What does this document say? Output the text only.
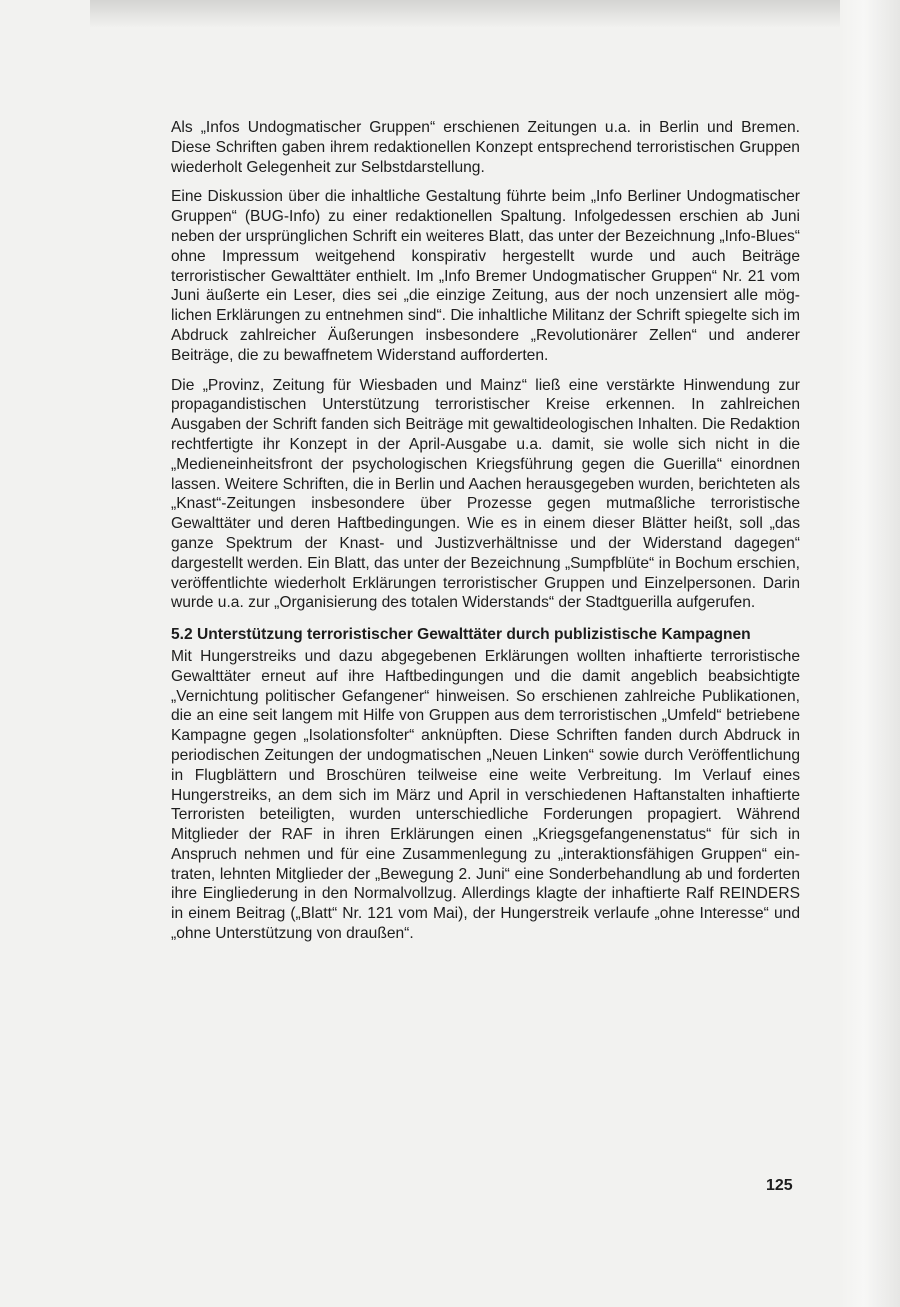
Als „Infos Undogmatischer Gruppen“ erschienen Zeitungen u.a. in Berlin und Bremen. Diese Schriften gaben ihrem redaktionellen Konzept entsprechend terroristischen Gruppen wiederholt Gelegenheit zur Selbstdarstellung.

Eine Diskussion über die inhaltliche Gestaltung führte beim „Info Berliner Undogmatischer Gruppen“ (BUG-Info) zu einer redaktionellen Spaltung. Infolgedessen erschien ab Juni neben der ursprünglichen Schrift ein weiteres Blatt, das unter der Bezeichnung „Info-Blues“ ohne Impressum weitgehend konspirativ hergestellt wurde und auch Beiträge terroristischer Gewalttäter enthielt. Im „Info Bremer Undogmatischer Gruppen“ Nr. 21 vom Juni äußerte ein Leser, dies sei „die einzige Zeitung, aus der noch unzensiert alle möglichen Erklärungen zu entnehmen sind“. Die inhaltliche Militanz der Schrift spiegelte sich im Abdruck zahlreicher Äußerungen insbesondere „Revolutionärer Zellen“ und anderer Beiträge, die zu bewaffnetem Widerstand aufforderten.

Die „Provinz, Zeitung für Wiesbaden und Mainz“ ließ eine verstärkte Hinwendung zur propagandistischen Unterstützung terroristischer Kreise erkennen. In zahlreichen Ausgaben der Schrift fanden sich Beiträge mit gewaltideologischen Inhalten. Die Redaktion rechtfertigte ihr Konzept in der April-Ausgabe u.a. damit, sie wolle sich nicht in die „Medieneinheitsfront der psychologischen Kriegsführung gegen die Guerilla“ einordnen lassen. Weitere Schriften, die in Berlin und Aachen herausgegeben wurden, berichteten als „Knast“-Zeitungen insbesondere über Prozesse gegen mutmaßliche terroristische Gewalttäter und deren Haftbedingungen. Wie es in einem dieser Blätter heißt, soll „das ganze Spektrum der Knast- und Justizverhältnisse und der Widerstand dagegen“ dargestellt werden. Ein Blatt, das unter der Bezeichnung „Sumpfblüte“ in Bochum erschien, veröffentlichte wiederholt Erklärungen terroristischer Gruppen und Einzelpersonen. Darin wurde u.a. zur „Organisierung des totalen Widerstands“ der Stadtguerilla aufgerufen.

5.2 Unterstützung terroristischer Gewalttäter durch publizistische Kampagnen

Mit Hungerstreiks und dazu abgegebenen Erklärungen wollten inhaftierte terroristische Gewalttäter erneut auf ihre Haftbedingungen und die damit angeblich beabsichtigte „Vernichtung politischer Gefangener“ hinweisen. So erschienen zahlreiche Publikationen, die an eine seit langem mit Hilfe von Gruppen aus dem terroristischen „Umfeld“ betriebene Kampagne gegen „Isolationsfolter“ anknüpften. Diese Schriften fanden durch Abdruck in periodischen Zeitungen der undogmatischen „Neuen Linken“ sowie durch Veröffentlichung in Flugblättern und Broschüren teilweise eine weite Verbreitung. Im Verlauf eines Hungerstreiks, an dem sich im März und April in verschiedenen Haftanstalten inhaftierte Terroristen beteiligten, wurden unterschiedliche Forderungen propagiert. Während Mitglieder der RAF in ihren Erklärungen einen „Kriegsgefangenenstatus“ für sich in Anspruch nehmen und für eine Zusammenlegung zu „interaktionsfähigen Gruppen“ eintraten, lehnten Mitglieder der „Bewegung 2. Juni“ eine Sonderbehandlung ab und forderten ihre Eingliederung in den Normalvollzug. Allerdings klagte der inhaftierte Ralf REINDERS in einem Beitrag („Blatt“ Nr. 121 vom Mai), der Hungerstreik verlaufe „ohne Interesse“ und „ohne Unterstützung von draußen“.

125
